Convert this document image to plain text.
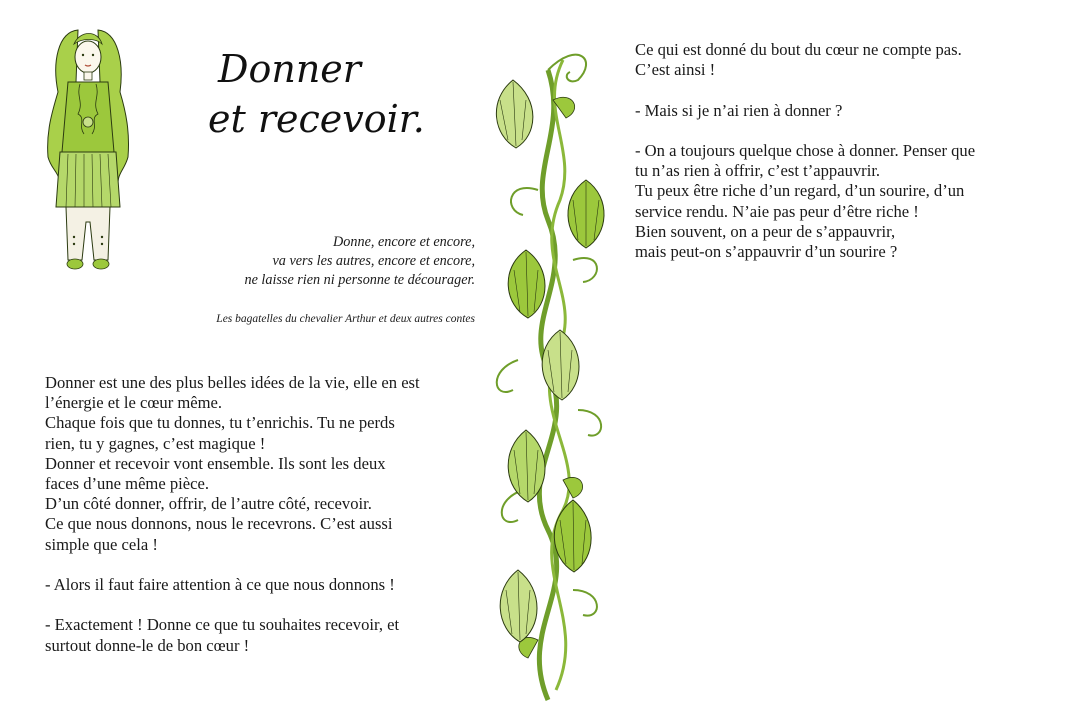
Donner
et recevoir.
Donne, encore et encore,
va vers les autres, encore et encore,
ne laisse rien ni personne te décourager.
Les bagatelles du chevalier Arthur et deux autres contes

Donner est une des plus belles idées de la vie, elle en est
l’énergie et le cœur même.
Chaque fois que tu donnes, tu t’enrichis. Tu ne perds
rien, tu y gagnes, c’est magique !
Donner et recevoir vont ensemble. Ils sont les deux
faces d’une même pièce.
D’un côté donner, offrir, de l’autre côté, recevoir.
Ce que nous donnons, nous le recevrons. C’est aussi
simple que cela !

- Alors il faut faire attention à ce que nous donnons !

- Exactement ! Donne ce que tu souhaites recevoir, et
surtout donne-le de bon cœur !

Ce qui est donné du bout du cœur ne compte pas.
C’est ainsi !

- Mais si je n’ai rien à donner ?

- On a toujours quelque chose à donner. Penser que
tu n’as rien à offrir, c’est t’appauvrir.
Tu peux être riche d’un regard, d’un sourire, d’un
service rendu. N’aie pas peur d’être riche !
Bien souvent, on a peur de s’appauvrir,
mais peut-on s’appauvrir d’un sourire ?
